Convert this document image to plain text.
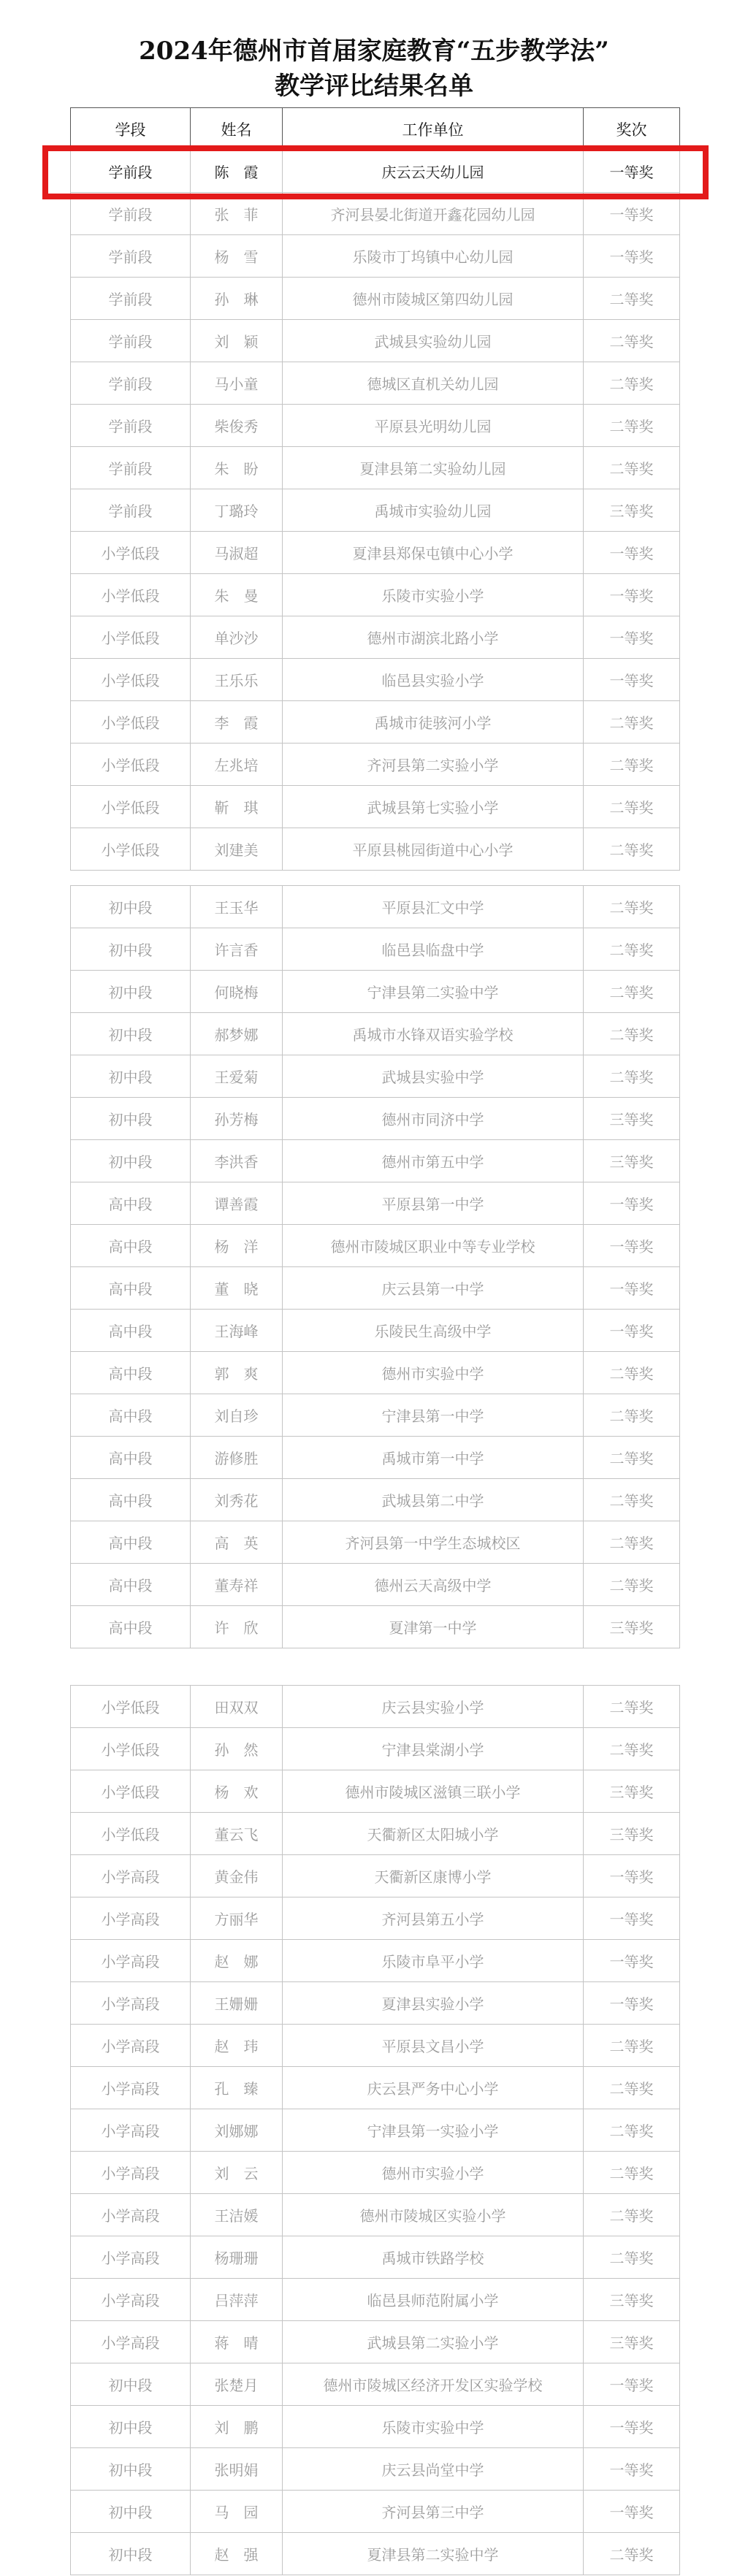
2024年德州市首届家庭教育“五步教学法”
教学评比结果名单
学段	姓名	工作单位	奖次
学前段	陈　霞	庆云云天幼儿园	一等奖
学前段	张　菲	齐河县晏北街道开鑫花园幼儿园	一等奖
学前段	杨　雪	乐陵市丁坞镇中心幼儿园	一等奖
学前段	孙　琳	德州市陵城区第四幼儿园	二等奖
学前段	刘　颖	武城县实验幼儿园	二等奖
学前段	马小童	德城区直机关幼儿园	二等奖
学前段	柴俊秀	平原县光明幼儿园	二等奖
学前段	朱　盼	夏津县第二实验幼儿园	二等奖
学前段	丁璐玲	禹城市实验幼儿园	三等奖
小学低段	马淑超	夏津县郑保屯镇中心小学	一等奖
小学低段	朱　曼	乐陵市实验小学	一等奖
小学低段	单沙沙	德州市湖滨北路小学	一等奖
小学低段	王乐乐	临邑县实验小学	一等奖
小学低段	李　霞	禹城市徒骇河小学	二等奖
小学低段	左兆培	齐河县第二实验小学	二等奖
小学低段	靳　琪	武城县第七实验小学	二等奖
小学低段	刘建美	平原县桃园街道中心小学	二等奖
初中段	王玉华	平原县汇文中学	二等奖
初中段	许言香	临邑县临盘中学	二等奖
初中段	何晓梅	宁津县第二实验中学	二等奖
初中段	郝梦娜	禹城市水锋双语实验学校	二等奖
初中段	王爱菊	武城县实验中学	二等奖
初中段	孙芳梅	德州市同济中学	三等奖
初中段	李洪香	德州市第五中学	三等奖
高中段	谭善霞	平原县第一中学	一等奖
高中段	杨　洋	德州市陵城区职业中等专业学校	一等奖
高中段	董　晓	庆云县第一中学	一等奖
高中段	王海峰	乐陵民生高级中学	一等奖
高中段	郭　爽	德州市实验中学	二等奖
高中段	刘自珍	宁津县第一中学	二等奖
高中段	游修胜	禹城市第一中学	二等奖
高中段	刘秀花	武城县第二中学	二等奖
高中段	高　英	齐河县第一中学生态城校区	二等奖
高中段	董寿祥	德州云天高级中学	二等奖
高中段	许　欣	夏津第一中学	三等奖
小学低段	田双双	庆云县实验小学	二等奖
小学低段	孙　然	宁津县棠湖小学	二等奖
小学低段	杨　欢	德州市陵城区滋镇三联小学	三等奖
小学低段	董云飞	天衢新区太阳城小学	三等奖
小学高段	黄金伟	天衢新区康博小学	一等奖
小学高段	方丽华	齐河县第五小学	一等奖
小学高段	赵　娜	乐陵市阜平小学	一等奖
小学高段	王姗姗	夏津县实验小学	一等奖
小学高段	赵　玮	平原县文昌小学	二等奖
小学高段	孔　臻	庆云县严务中心小学	二等奖
小学高段	刘娜娜	宁津县第一实验小学	二等奖
小学高段	刘　云	德州市实验小学	二等奖
小学高段	王洁媛	德州市陵城区实验小学	二等奖
小学高段	杨珊珊	禹城市铁路学校	二等奖
小学高段	吕萍萍	临邑县师范附属小学	三等奖
小学高段	蒋　晴	武城县第二实验小学	三等奖
初中段	张楚月	德州市陵城区经济开发区实验学校	一等奖
初中段	刘　鹏	乐陵市实验中学	一等奖
初中段	张明娟	庆云县尚堂中学	一等奖
初中段	马　园	齐河县第三中学	一等奖
初中段	赵　强	夏津县第二实验中学	二等奖
